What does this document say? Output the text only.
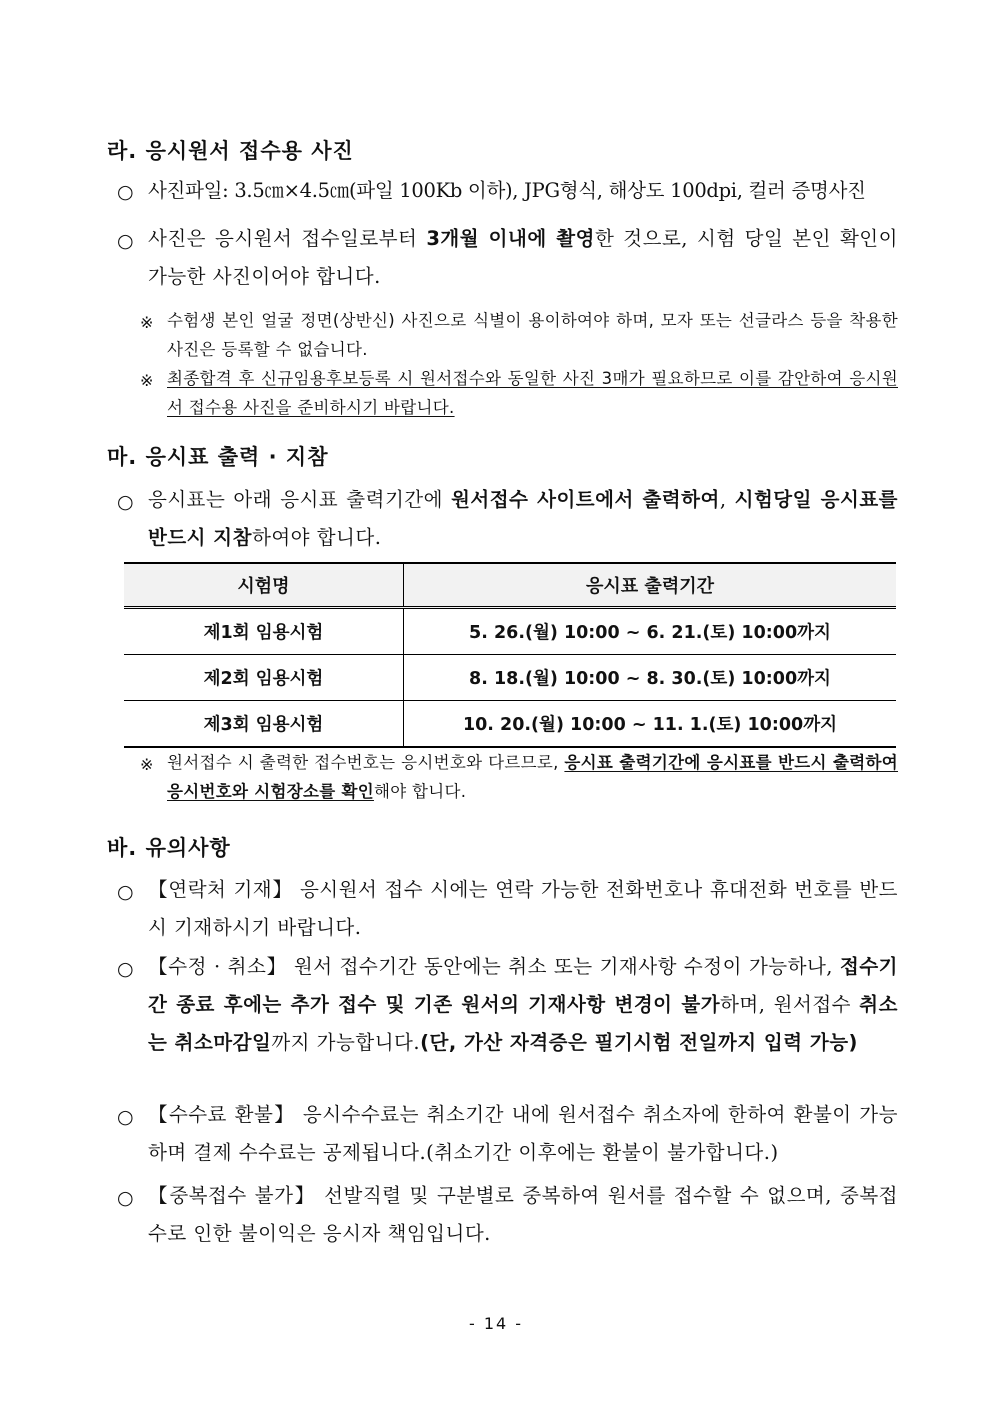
라. 응시원서 접수용 사진
○ 사진파일: 3.5㎝×4.5㎝(파일 100Kb 이하), JPG형식, 해상도 100dpi, 컬러 증명사진
○ 사진은 응시원서 접수일로부터 3개월 이내에 촬영한 것으로, 시험 당일 본인 확인이 가능한 사진이어야 합니다.
※ 수험생 본인 얼굴 정면(상반신) 사진으로 식별이 용이하여야 하며, 모자 또는 선글라스 등을 착용한 사진은 등록할 수 없습니다.
※ 최종합격 후 신규임용후보등록 시 원서접수와 동일한 사진 3매가 필요하므로 이를 감안하여 응시원서 접수용 사진을 준비하시기 바랍니다.
마. 응시표 출력 · 지참
○ 응시표는 아래 응시표 출력기간에 원서접수 사이트에서 출력하여, 시험당일 응시표를 반드시 지참하여야 합니다.
시험명	응시표 출력기간
제1회 임용시험	5. 26.(월) 10:00 ~ 6. 21.(토) 10:00까지
제2회 임용시험	8. 18.(월) 10:00 ~ 8. 30.(토) 10:00까지
제3회 임용시험	10. 20.(월) 10:00 ~ 11. 1.(토) 10:00까지
※ 원서접수 시 출력한 접수번호는 응시번호와 다르므로, 응시표 출력기간에 응시표를 반드시 출력하여 응시번호와 시험장소를 확인해야 합니다.
바. 유의사항
○ 【연락처 기재】 응시원서 접수 시에는 연락 가능한 전화번호나 휴대전화 번호를 반드시 기재하시기 바랍니다.
○ 【수정 · 취소】 원서 접수기간 동안에는 취소 또는 기재사항 수정이 가능하나, 접수기간 종료 후에는 추가 접수 및 기존 원서의 기재사항 변경이 불가하며, 원서접수 취소는 취소마감일까지 가능합니다.(단, 가산 자격증은 필기시험 전일까지 입력 가능)
○ 【수수료 환불】 응시수수료는 취소기간 내에 원서접수 취소자에 한하여 환불이 가능하며 결제 수수료는 공제됩니다.(취소기간 이후에는 환불이 불가합니다.)
○ 【중복접수 불가】 선발직렬 및 구분별로 중복하여 원서를 접수할 수 없으며, 중복접수로 인한 불이익은 응시자 책임입니다.
- 14 -
